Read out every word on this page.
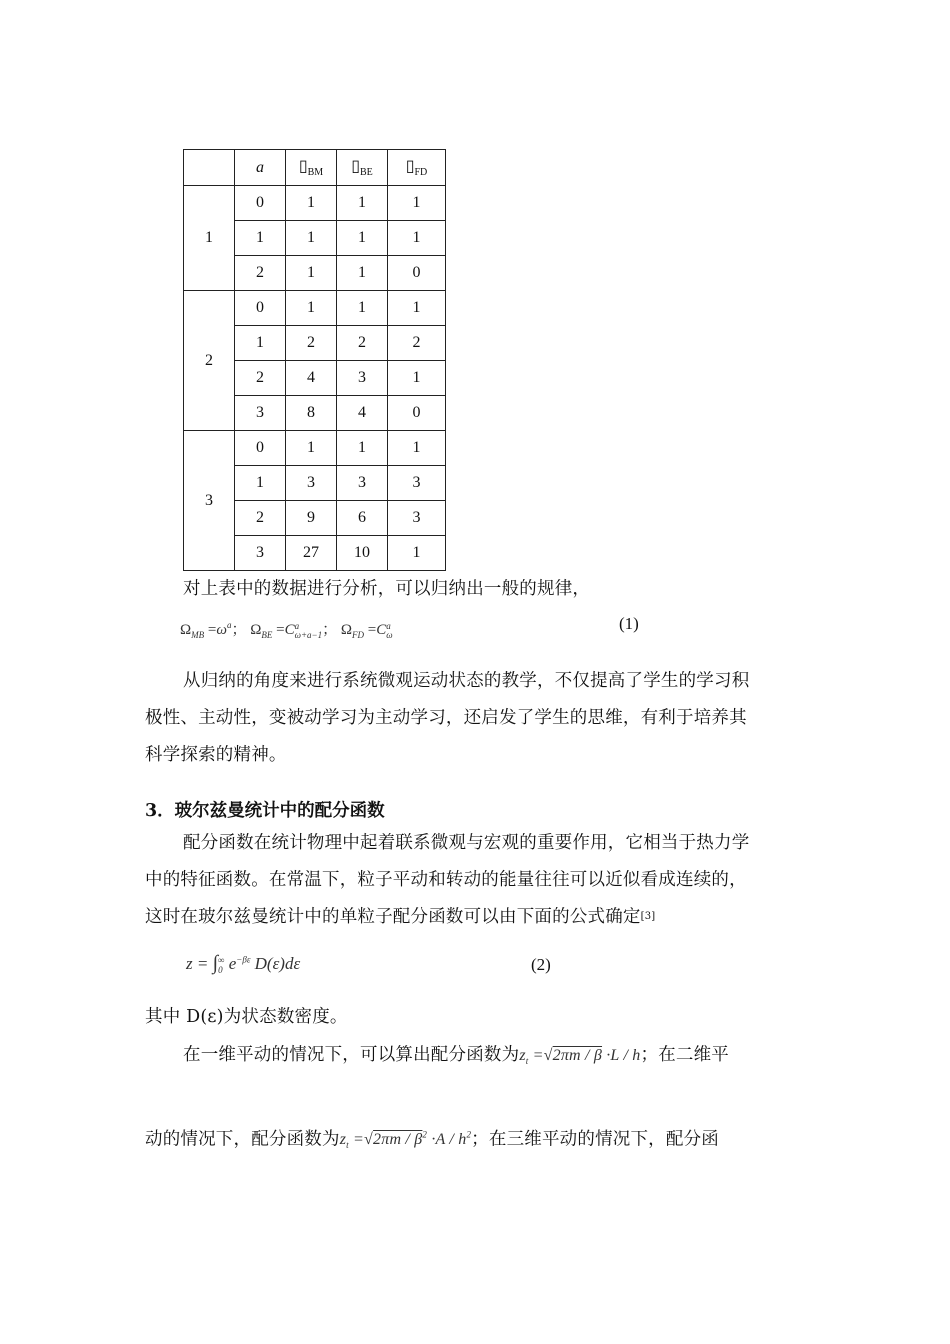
 	a	$▯_{BM}$	$▯_{BE}$	$▯_{FD}$
1	0	1	1	1
	1	1	1	1
	2	1	1	0
2	0	1	1	1
	1	2	2	2
	2	4	3	1
	3	8	4	0
3	0	1	1	1
	1	3	3	3
	2	9	6	3
	3	27	10	1
对上表中的数据进行分析，可以归纳出一般的规律，
$\Omega_{MB} =\omega^a$； $\Omega_{BE} =Ca$
ω+a−1； $\Omega_{FD} =Ca$
ω
(1)
从归纳的角度来进行系统微观运动状态的教学，不仅提高了学生的学习积
极性、主动性，变被动学习为主动学习，还启发了学生的思维，有利于培养其
科学探索的精神。
3．玻尔兹曼统计中的配分函数
配分函数在统计物理中起着联系微观与宏观的重要作用，它相当于热力学
中的特征函数。在常温下，粒子平动和转动的能量往往可以近似看成连续的，
这时在玻尔兹曼统计中的单粒子配分函数可以由下面的公式确定[3]
z = ∫∞
0 $e^{-\beta\varepsilon}$ D(ε)dε	(2)
其中 D(ε)为状态数密度。
在一维平动的情况下，可以算出配分函数为$z_t =√2\pi m / \beta \cdot L / h$；在二维平
动的情况下，配分函数为$z_t =√2\pi m / \beta^2 \cdot A / h^2$；在三维平动的情况下，配分函
